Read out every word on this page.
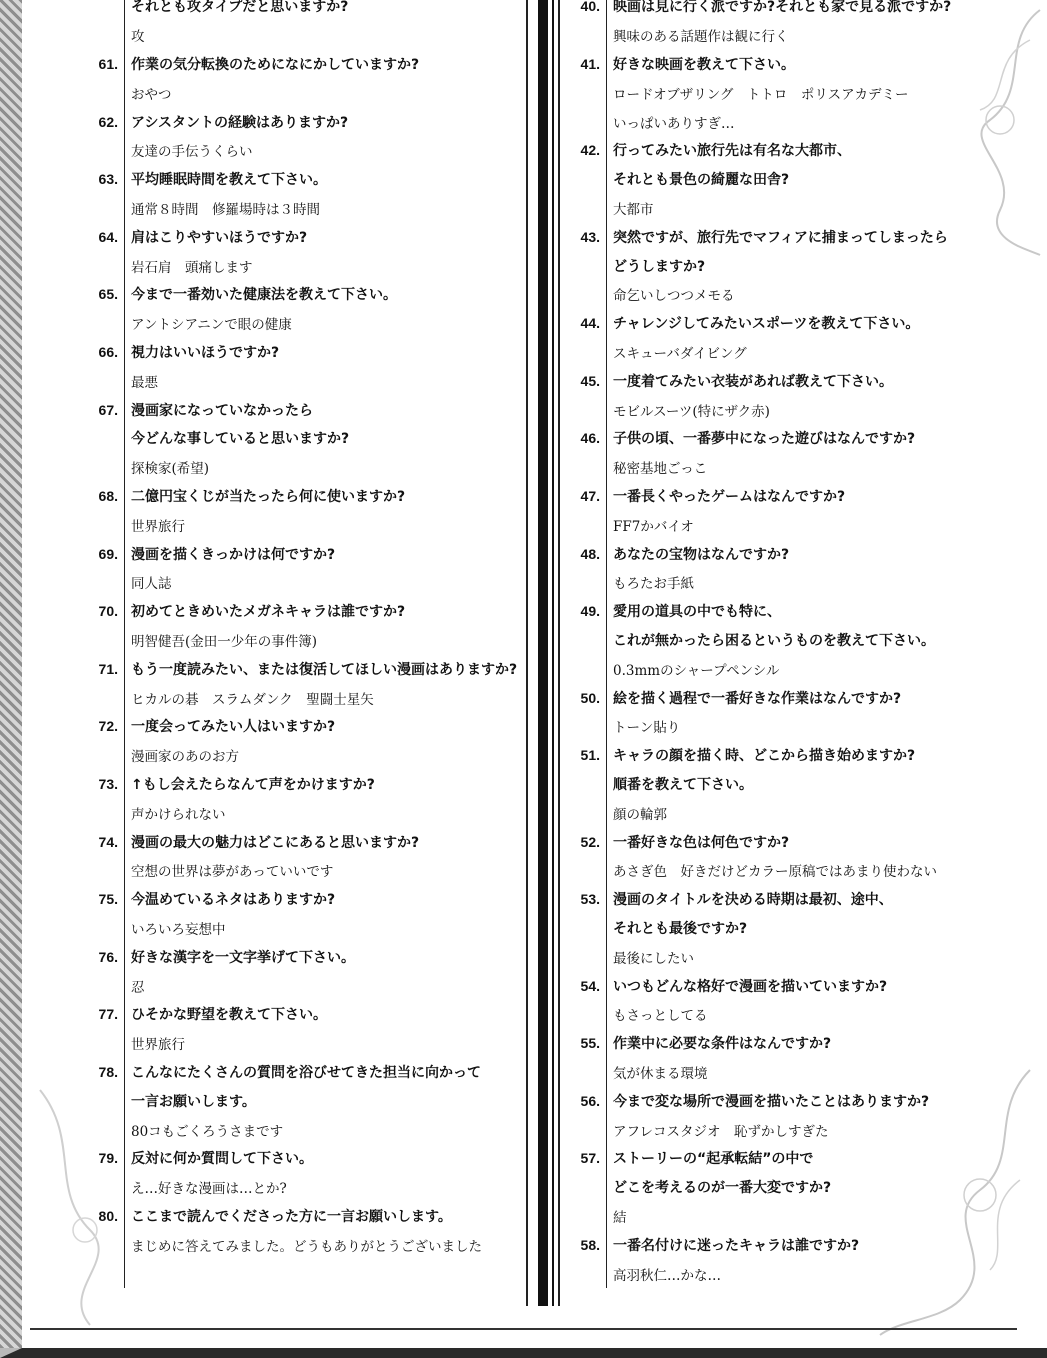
それとも攻タイプだと思いますか?
攻
61. 作業の気分転換のためになにかしていますか?
おやつ
62. アシスタントの経験はありますか?
友達の手伝うくらい
63. 平均睡眠時間を教えて下さい。
通常８時間　修羅場時は３時間
64. 肩はこりやすいほうですか?
岩石肩　頭痛します
65. 今まで一番効いた健康法を教えて下さい。
アントシアニンで眼の健康
66. 視力はいいほうですか?
最悪
67. 漫画家になっていなかったら
今どんな事していると思いますか?
探検家(希望)
68. 二億円宝くじが当たったら何に使いますか?
世界旅行
69. 漫画を描くきっかけは何ですか?
同人誌
70. 初めてときめいたメガネキャラは誰ですか?
明智健吾(金田一少年の事件簿)
71. もう一度読みたい、または復活してほしい漫画はありますか?
ヒカルの碁　スラムダンク　聖闘士星矢
72. 一度会ってみたい人はいますか?
漫画家のあのお方
73. ↑もし会えたらなんて声をかけますか?
声かけられない
74. 漫画の最大の魅力はどこにあると思いますか?
空想の世界は夢があっていいです
75. 今温めているネタはありますか?
いろいろ妄想中
76. 好きな漢字を一文字挙げて下さい。
忍
77. ひそかな野望を教えて下さい。
世界旅行
78. こんなにたくさんの質問を浴びせてきた担当に向かって
一言お願いします。
80コもごくろうさまです
79. 反対に何か質問して下さい。
え…好きな漫画は…とか?
80. ここまで読んでくださった方に一言お願いします。
まじめに答えてみました。どうもありがとうございました
40. 映画は見に行く派ですか?それとも家で見る派ですか?
興味のある話題作は観に行く
41. 好きな映画を教えて下さい。
ロードオブザリング　トトロ　ポリスアカデミー
いっぱいありすぎ…
42. 行ってみたい旅行先は有名な大都市、
それとも景色の綺麗な田舎?
大都市
43. 突然ですが、旅行先でマフィアに捕まってしまったら
どうしますか?
命乞いしつつメモる
44. チャレンジしてみたいスポーツを教えて下さい。
スキューバダイビング
45. 一度着てみたい衣装があれば教えて下さい。
モビルスーツ(特にザク赤)
46. 子供の頃、一番夢中になった遊びはなんですか?
秘密基地ごっこ
47. 一番長くやったゲームはなんですか?
FF7かバイオ
48. あなたの宝物はなんですか?
もろたお手紙
49. 愛用の道具の中でも特に、
これが無かったら困るというものを教えて下さい。
0.3mmのシャープペンシル
50. 絵を描く過程で一番好きな作業はなんですか?
トーン貼り
51. キャラの顔を描く時、どこから描き始めますか?
順番を教えて下さい。
顔の輪郭
52. 一番好きな色は何色ですか?
あさぎ色　好きだけどカラー原稿ではあまり使わない
53. 漫画のタイトルを決める時期は最初、途中、
それとも最後ですか?
最後にしたい
54. いつもどんな格好で漫画を描いていますか?
もさっとしてる
55. 作業中に必要な条件はなんですか?
気が休まる環境
56. 今まで変な場所で漫画を描いたことはありますか?
アフレコスタジオ　恥ずかしすぎた
57. ストーリーの“起承転結”の中で
どこを考えるのが一番大変ですか?
結
58. 一番名付けに迷ったキャラは誰ですか?
高羽秋仁…かな…
